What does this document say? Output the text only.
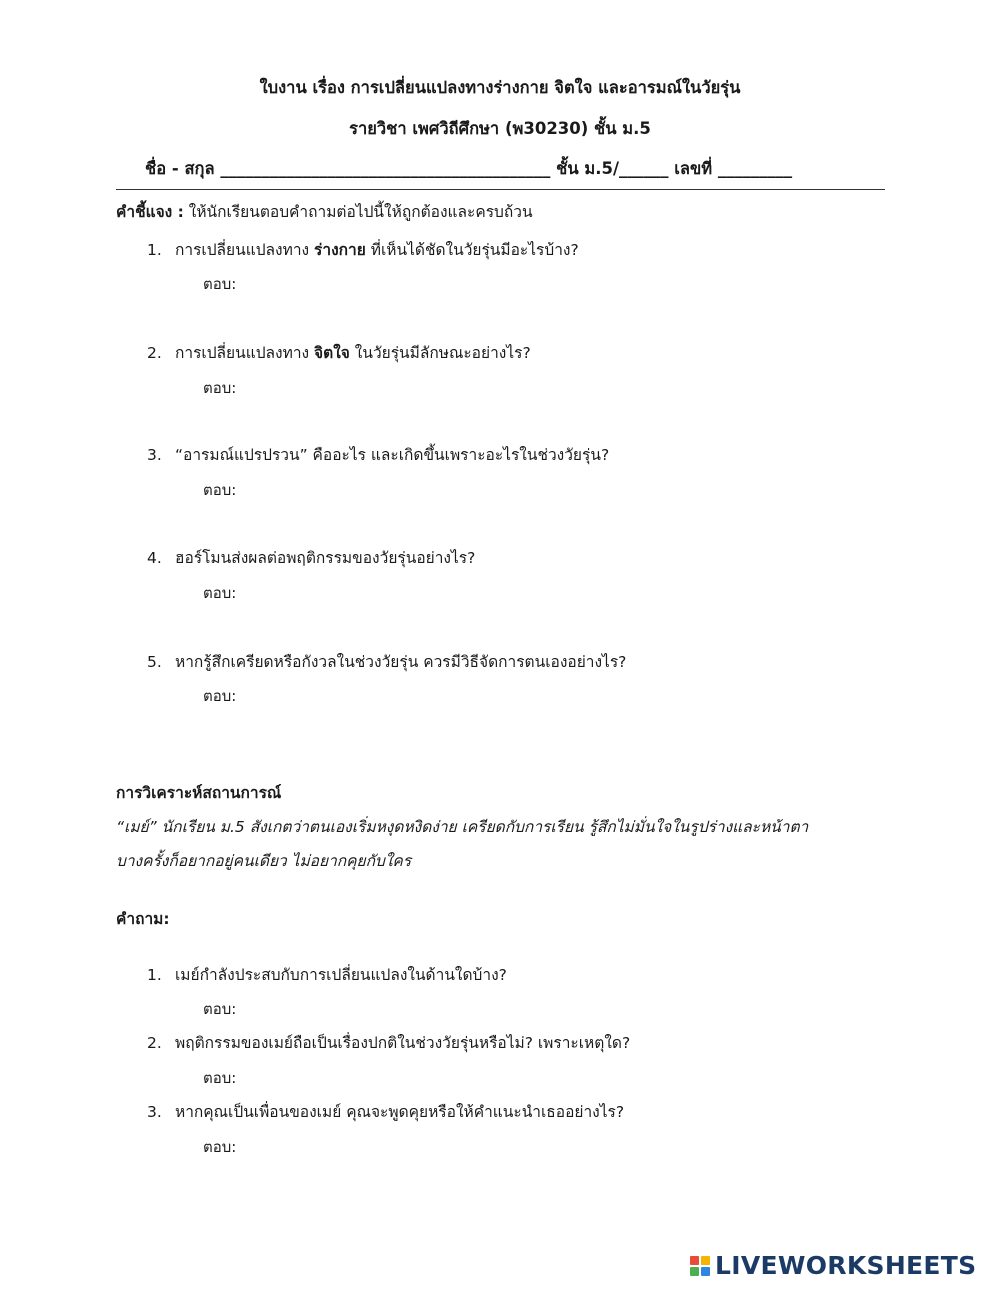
ใบงาน เรื่อง การเปลี่ยนแปลงทางร่างกาย จิตใจ และอารมณ์ในวัยรุ่น
รายวิชา เพศวิถีศึกษา (พ30230) ชั้น ม.5
ชื่อ - สกุล ________________________________________ ชั้น ม.5/______ เลขที่ _________
คำชี้แจง : ให้นักเรียนตอบคำถามต่อไปนี้ให้ถูกต้องและครบถ้วน
1. การเปลี่ยนแปลงทาง ร่างกาย ที่เห็นได้ชัดในวัยรุ่นมีอะไรบ้าง?
ตอบ:
2. การเปลี่ยนแปลงทาง จิตใจ ในวัยรุ่นมีลักษณะอย่างไร?
ตอบ:
3. “อารมณ์แปรปรวน” คืออะไร และเกิดขึ้นเพราะอะไรในช่วงวัยรุ่น?
ตอบ:
4. ฮอร์โมนส่งผลต่อพฤติกรรมของวัยรุ่นอย่างไร?
ตอบ:
5. หากรู้สึกเครียดหรือกังวลในช่วงวัยรุ่น ควรมีวิธีจัดการตนเองอย่างไร?
ตอบ:
การวิเคราะห์สถานการณ์
“เมย์” นักเรียน ม.5 สังเกตว่าตนเองเริ่มหงุดหงิดง่าย เครียดกับการเรียน รู้สึกไม่มั่นใจในรูปร่างและหน้าตา
บางครั้งก็อยากอยู่คนเดียว ไม่อยากคุยกับใคร
คำถาม:
1. เมย์กำลังประสบกับการเปลี่ยนแปลงในด้านใดบ้าง?
ตอบ:
2. พฤติกรรมของเมย์ถือเป็นเรื่องปกติในช่วงวัยรุ่นหรือไม่? เพราะเหตุใด?
ตอบ:
3. หากคุณเป็นเพื่อนของเมย์ คุณจะพูดคุยหรือให้คำแนะนำเธออย่างไร?
ตอบ:
LIVEWORKSHEETS
